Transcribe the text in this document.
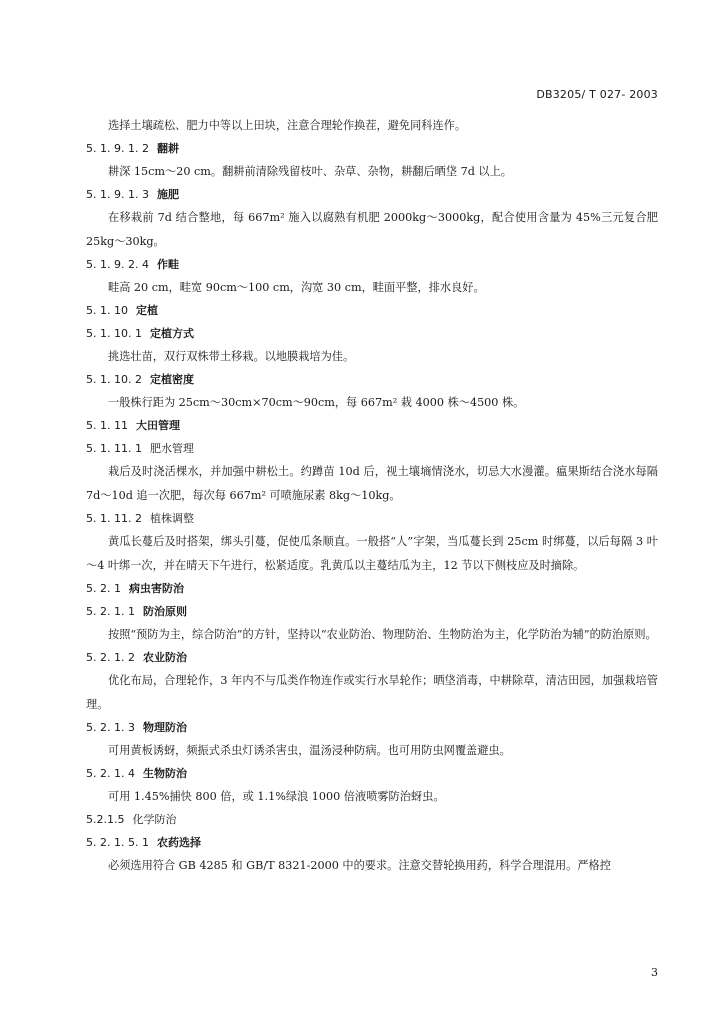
DB3205/ T 027- 2003
选择土壤疏松、肥力中等以上田块，注意合理轮作换茬，避免同科连作。
5. 1. 9. 1. 2 翻耕
耕深 15cm～20 cm。翻耕前清除残留枝叶、杂草、杂物，耕翻后晒垡 7d 以上。
5. 1. 9. 1. 3 施肥
在移栽前 7d 结合整地，每 667m² 施入以腐熟有机肥 2000kg～3000kg，配合使用含量为 45%三元复合肥 25kg～30kg。
5. 1. 9. 2. 4 作畦
畦高 20 cm，畦宽 90cm～100 cm，沟宽 30 cm，畦面平整，排水良好。
5. 1. 10 定植
5. 1. 10. 1 定植方式
挑选壮苗，双行双株带土移栽。以地膜栽培为佳。
5. 1. 10. 2 定植密度
一般株行距为 25cm～30cm×70cm～90cm，每 667m² 栽 4000 株～4500 株。
5. 1. 11 大田管理
5. 1. 11. 1 肥水管理
栽后及时浇活棵水，并加强中耕松土。约蹲苗 10d 后，视土壤墒情浇水，切忌大水漫灌。瘟果斯结合浇水每隔 7d～10d 追一次肥，每次每 667m² 可喷施尿素 8kg～10kg。
5. 1. 11. 2 植株调整
黄瓜长蔓后及时搭架，绑头引蔓，促使瓜条顺直。一般搭“人”字架，当瓜蔓长到 25cm 时绑蔓，以后每隔 3 叶～4 叶绑一次，并在晴天下午进行，松紧适度。乳黄瓜以主蔓结瓜为主，12 节以下侧枝应及时摘除。
5. 2. 1 病虫害防治
5. 2. 1. 1 防治原则
按照“预防为主，综合防治”的方针，坚持以“农业防治、物理防治、生物防治为主，化学防治为辅”的防治原则。
5. 2. 1. 2 农业防治
优化布局，合理轮作，3 年内不与瓜类作物连作或实行水旱轮作；晒垡消毒，中耕除草，清洁田园，加强栽培管理。
5. 2. 1. 3 物理防治
可用黄板诱蚜，频振式杀虫灯诱杀害虫，温汤浸种防病。也可用防虫网覆盖避虫。
5. 2. 1. 4 生物防治
可用 1.45%捕快 800 倍，或 1.1%绿浪 1000 倍液喷雾防治蚜虫。
5.2.1.5 化学防治
5. 2. 1. 5. 1 农药选择
必须选用符合 GB 4285 和 GB/T 8321-2000 中的要求。注意交替轮换用药，科学合理混用。严格控
3
